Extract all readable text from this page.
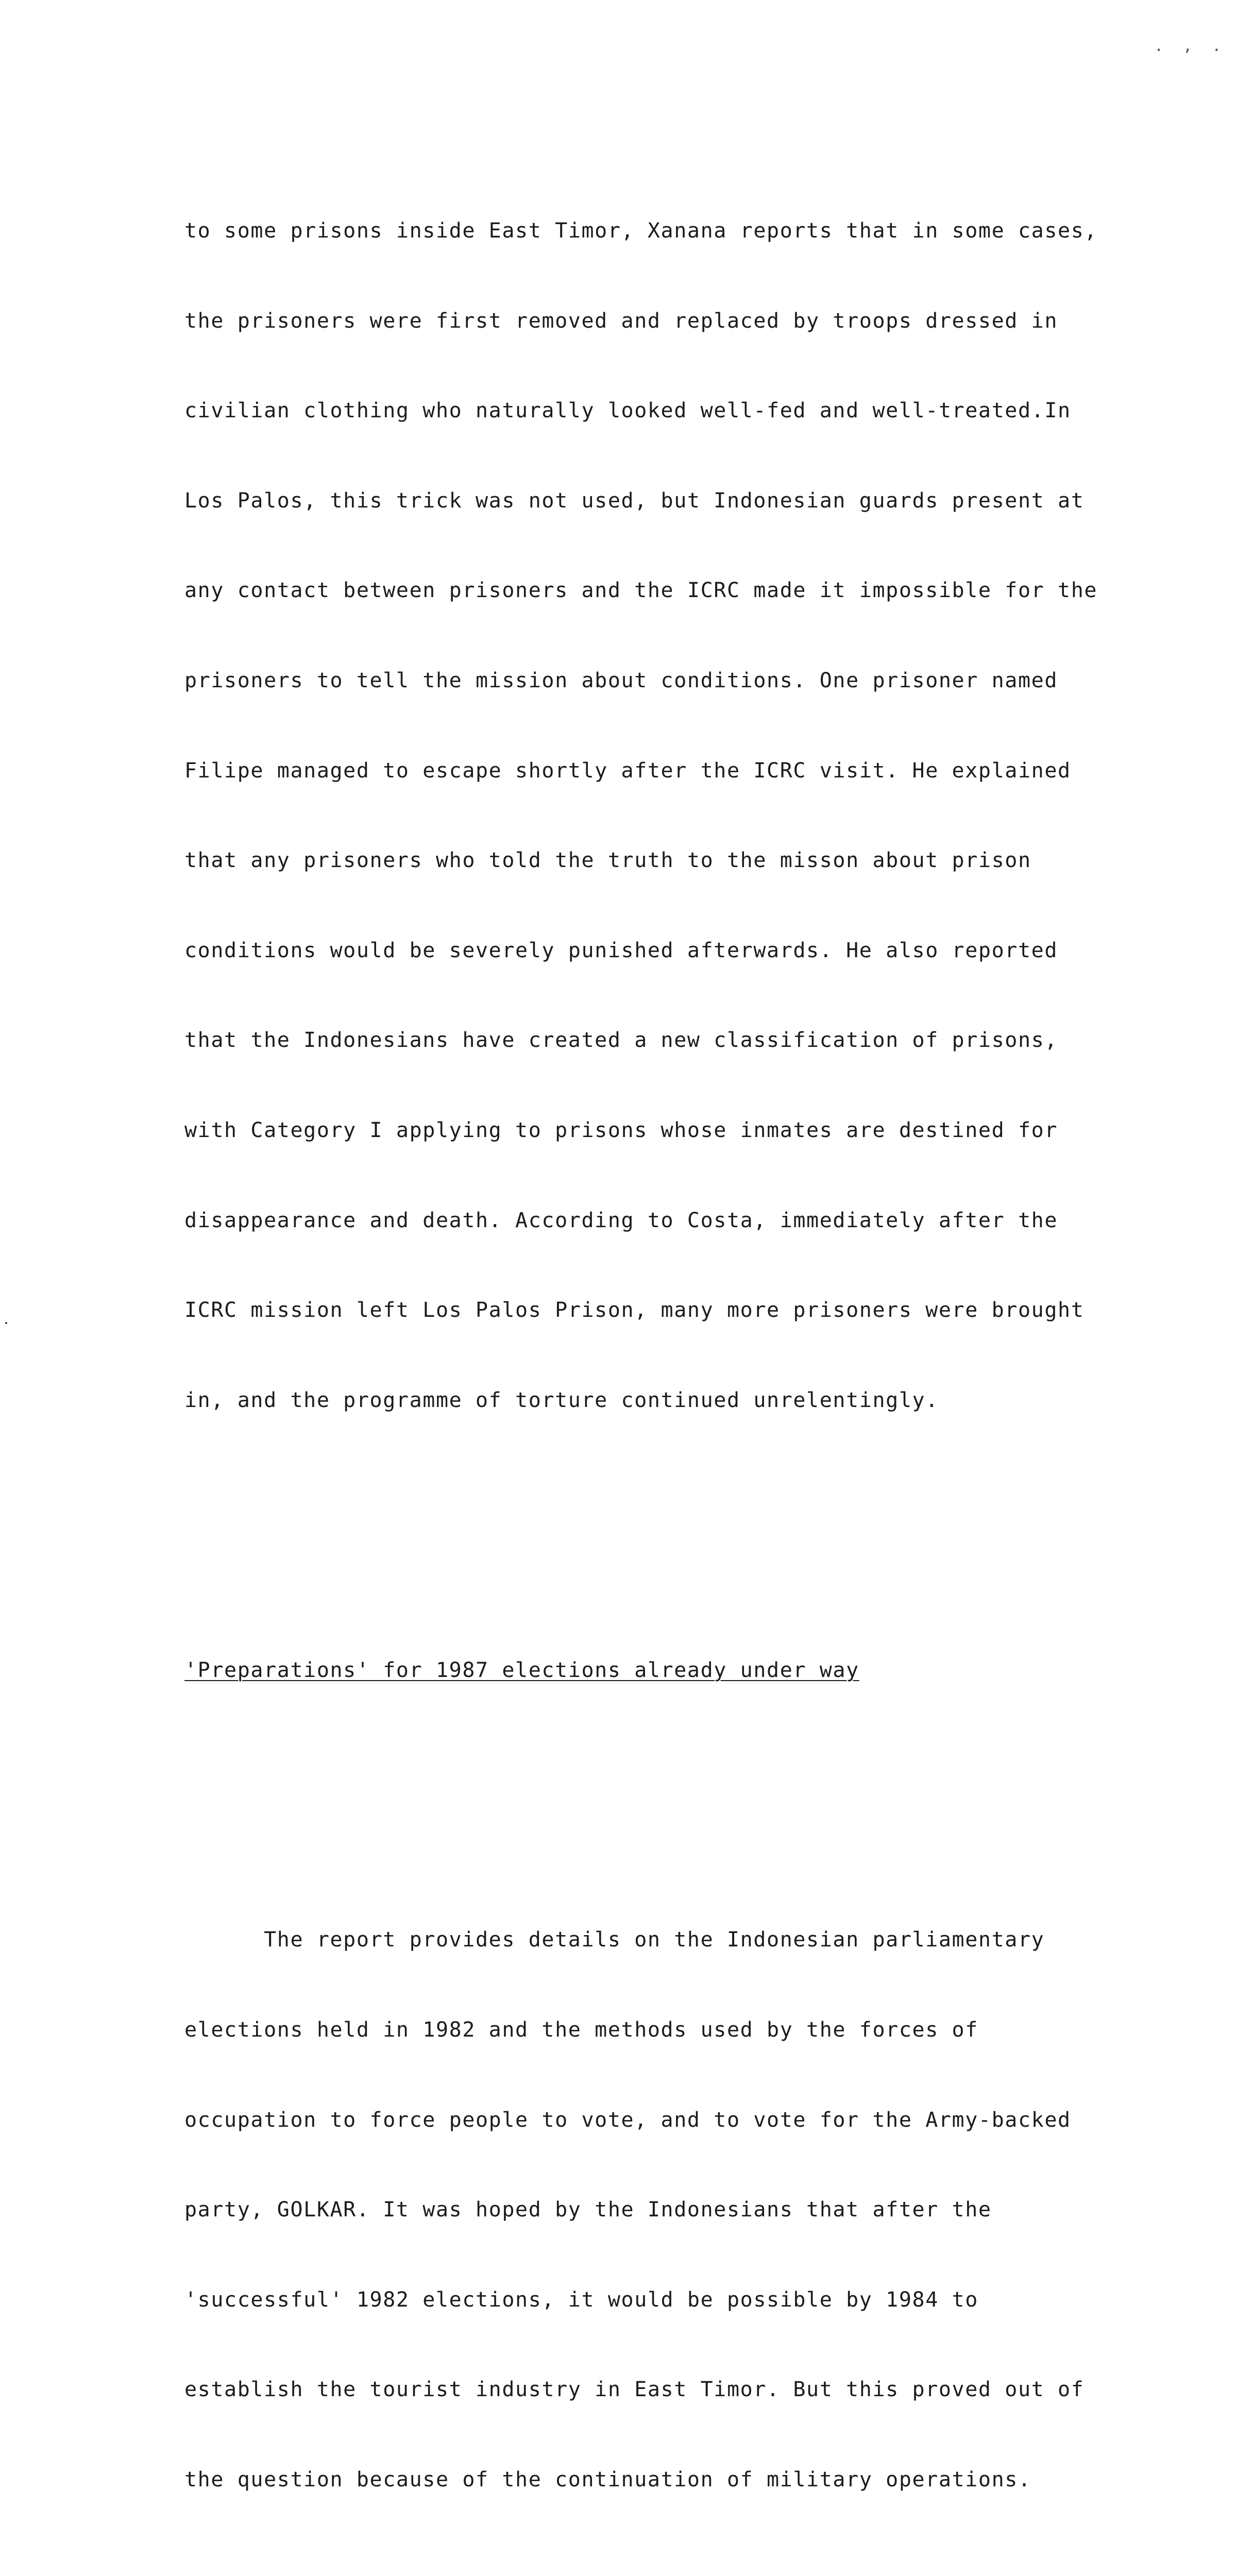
. , .

to some prisons inside East Timor, Xanana reports that in some cases,

the prisoners were first removed and replaced by troops dressed in

civilian clothing who naturally looked well-fed and well-treated.In

Los Palos, this trick was not used, but Indonesian guards present at

any contact between prisoners and the ICRC made it impossible for the

prisoners to tell the mission about conditions. One prisoner named

Filipe managed to escape shortly after the ICRC visit. He explained

that any prisoners who told the truth to the misson about prison

conditions would be severely punished afterwards. He also reported

that the Indonesians have created a new classification of prisons,

with Category I applying to prisons whose inmates are destined for

disappearance and death. According to Costa, immediately after the

ICRC mission left Los Palos Prison, many more prisoners were brought

in, and the programme of torture continued unrelentingly.

'Preparations' for 1987 elections already under way

The report provides details on the Indonesian parliamentary

elections held in 1982 and the methods used by the forces of

occupation to force people to vote, and to vote for the Army-backed

party, GOLKAR. It was hoped by the Indonesians that after the

'successful' 1982 elections, it would be possible by 1984 to

establish the tourist industry in East Timor. But this proved out of

the question because of the continuation of military operations.
